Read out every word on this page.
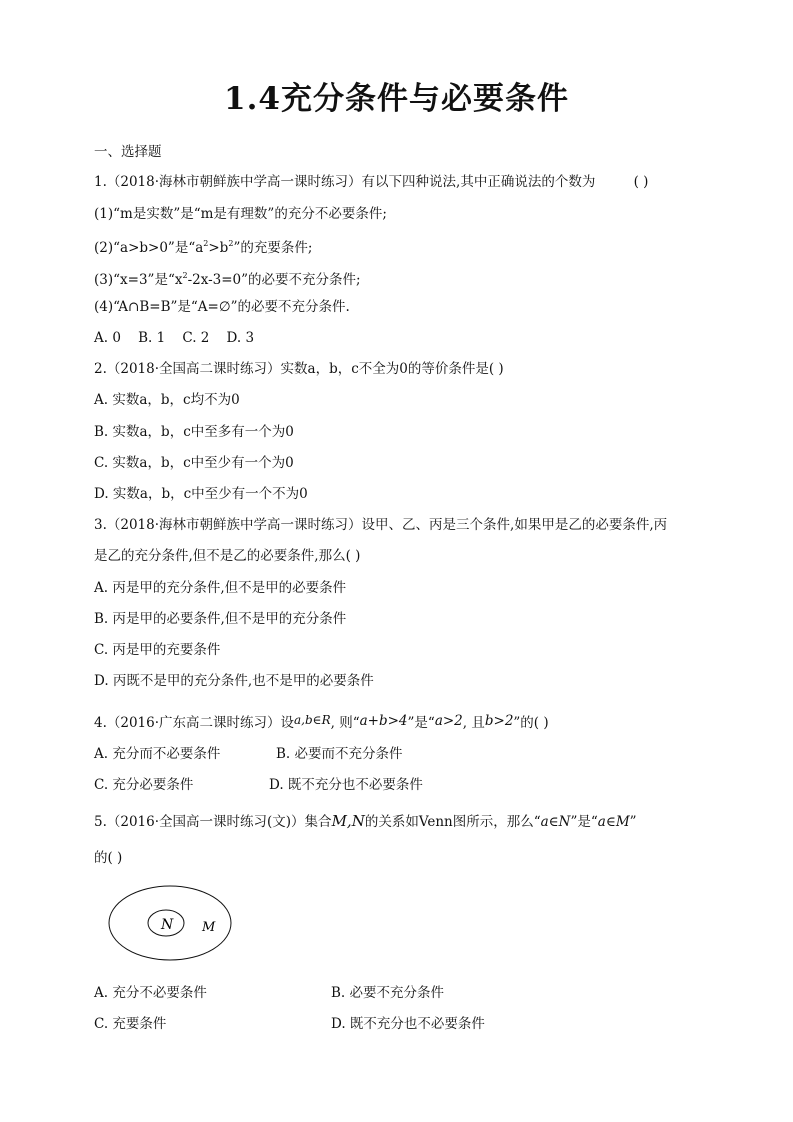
1.4充分条件与必要条件
一、选择题
1.（2018·海林市朝鲜族中学高一课时练习）有以下四种说法,其中正确说法的个数为	( )
(1)“m是实数”是“m是有理数”的充分不必要条件;
(2)“a>b>0”是“$a^2>b^2$”的充要条件;
(3)“x=3”是“$x^2-2x-3=0$”的必要不充分条件;
(4)“A∩B=B”是“A=∅”的必要不充分条件.
A. 0    B. 1    C. 2    D. 3
2.（2018·全国高二课时练习）实数a，b，c不全为0的等价条件是( )
A. 实数a，b，c均不为0
B. 实数a，b，c中至多有一个为0
C. 实数a，b，c中至少有一个为0
D. 实数a，b，c中至少有一个不为0
3.（2018·海林市朝鲜族中学高一课时练习）设甲、乙、丙是三个条件,如果甲是乙的必要条件,丙
是乙的充分条件,但不是乙的必要条件,那么( )
A. 丙是甲的充分条件,但不是甲的必要条件
B. 丙是甲的必要条件,但不是甲的充分条件
C. 丙是甲的充要条件
D. 丙既不是甲的充分条件,也不是甲的必要条件
4.（2016·广东高二课时练习）设a,b∈R, 则“a+b>4”是“a>2, 且b>2”的( )
A. 充分而不必要条件	B. 必要而不充分条件
C. 充分必要条件	D. 既不充分也不必要条件
5.（2016·全国高一课时练习(文)）集合M,N的关系如Venn图所示，那么“a∈N”是“a∈M”
的( )
N M
A. 充分不必要条件	B. 必要不充分条件
C. 充要条件	D. 既不充分也不必要条件
